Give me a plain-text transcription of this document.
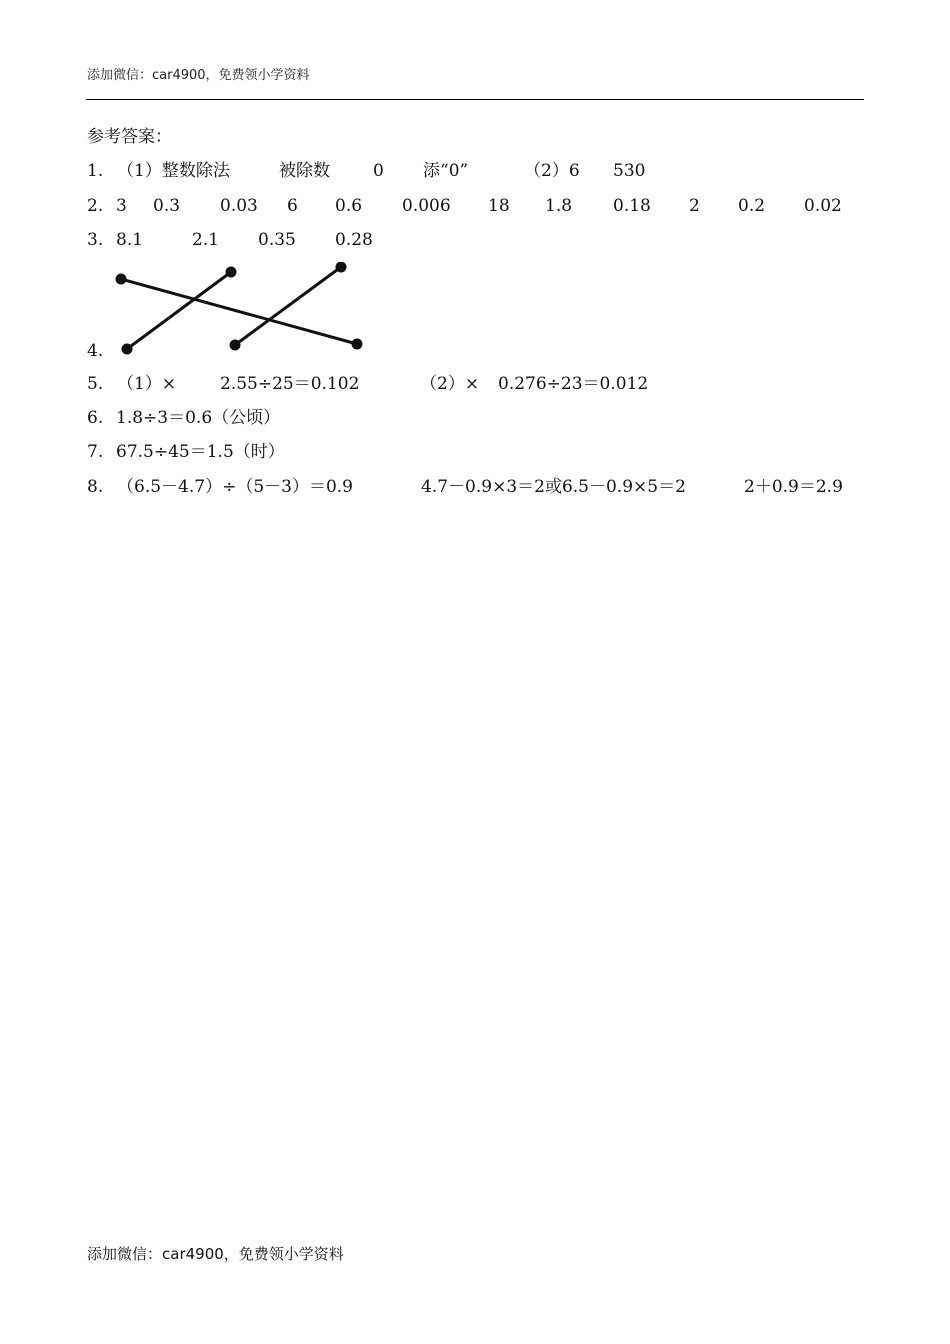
添加微信：car4900，免费领小学资料
参考答案：
1. （1）整数除法	被除数	0 添“0”	（2）6 530
2. 3 0.3 0.03 6 0.6 0.006 18 1.8 0.18 2 0.2 0.02
3. 8.1	2.1 0.35 0.28
4.
5. （1）×	2.55÷25＝0.102	（2）× 0.276÷23＝0.012
6. 1.8÷3＝0.6（公顷）
7. 67.5÷45＝1.5（时）
8. （6.5－4.7）÷（5－3）＝0.9	4.7－0.9×3＝2或6.5－0.9×5＝2	2＋0.9＝2.9
添加微信：car4900，免费领小学资料
